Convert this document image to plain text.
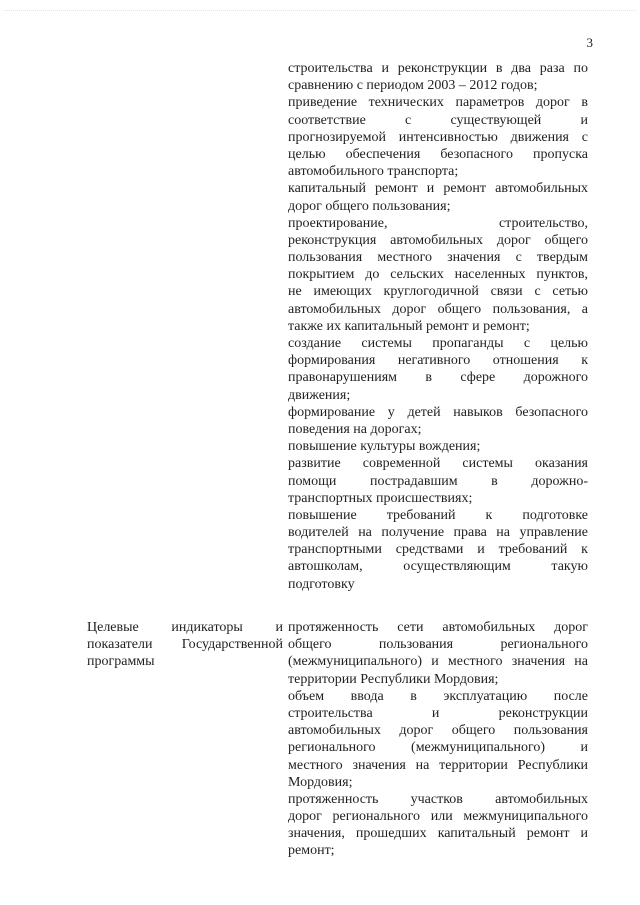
3
строительства и реконструкции в два раза по
сравнению с периодом 2003 – 2012 годов;
приведение технических параметров дорог в
соответствие с существующей и
прогнозируемой интенсивностью движения с
целью обеспечения безопасного пропуска
автомобильного транспорта;
капитальный ремонт и ремонт автомобильных
дорог общего пользования;
проектирование, строительство,
реконструкция автомобильных дорог общего
пользования местного значения с твердым
покрытием до сельских населенных пунктов,
не имеющих круглогодичной связи с сетью
автомобильных дорог общего пользования, а
также их капитальный ремонт и ремонт;
создание системы пропаганды с целью
формирования негативного отношения к
правонарушениям в сфере дорожного
движения;
формирование у детей навыков безопасного
поведения на дорогах;
повышение культуры вождения;
развитие современной системы оказания
помощи пострадавшим в дорожно-
транспортных происшествиях;
повышение требований к подготовке
водителей на получение права на управление
транспортными средствами и требований к
автошколам, осуществляющим такую
подготовку
Целевые индикаторы и
показатели Государственной
программы
протяженность сети автомобильных дорог
общего пользования регионального
(межмуниципального) и местного значения на
территории Республики Мордовия;
объем ввода в эксплуатацию после
строительства и реконструкции
автомобильных дорог общего пользования
регионального (межмуниципального) и
местного значения на территории Республики
Мордовия;
протяженность участков автомобильных
дорог регионального или межмуниципального
значения, прошедших капитальный ремонт и
ремонт;
